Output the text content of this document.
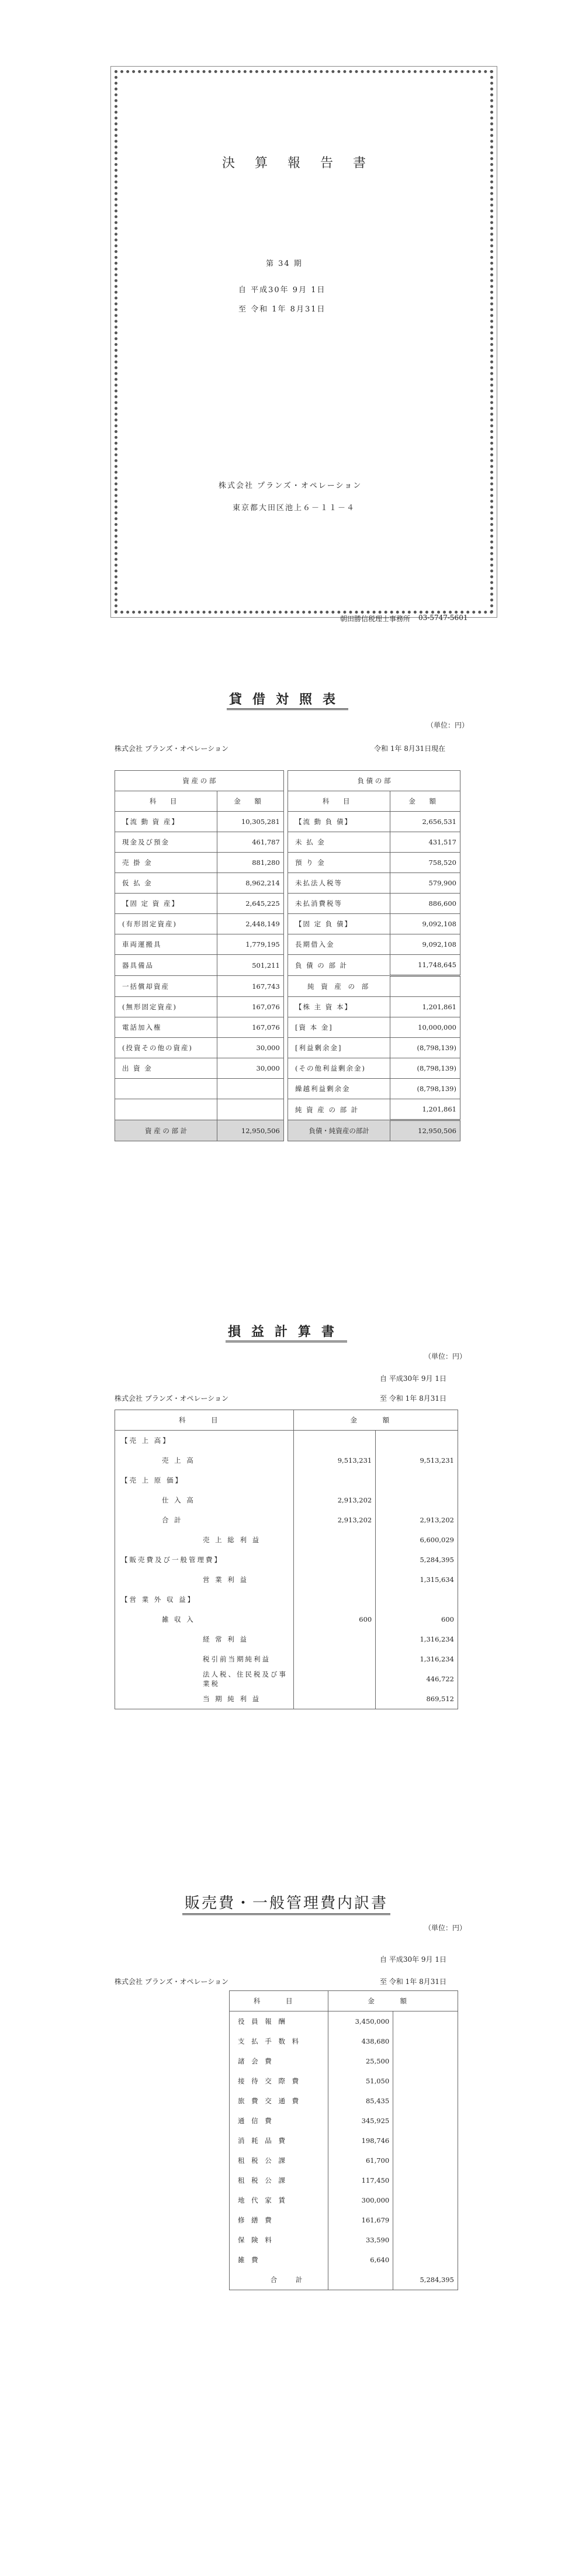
決算報告書
第 34 期
自 平成30年 9月 1日
至 令和 1年 8月31日
株式会社 プランズ・オペレーション
東京都大田区池上６－１１－４
朝田勝信税理士事務所 03-5747-5601
貸借対照表
（単位：円）
株式会社 プランズ・オペレーション	令和 1年 8月31日現在
資 産 の 部			負 債 の 部	
科 目	金 額		科 目	金 額
【流 動 資 産】	10,305,281		【流 動 負 債】	2,656,531
現金及び預金	461,787		未 払 金	431,517
売 掛 金	881,280		預 り 金	758,520
仮 払 金	8,962,214		未払法人税等	579,900
【固 定 資 産】	2,645,225		未払消費税等	886,600
(有形固定資産)	2,448,149		【固 定 負 債】	9,092,108
車両運搬具	1,779,195		長期借入金	9,092,108
器具備品	501,211		負 債 の 部 計	11,748,645
一括償却資産	167,743		純 資 産 の 部	
(無形固定資産)	167,076		【株 主 資 本】	1,201,861
電話加入権	167,076		[資 本 金]	10,000,000
(投資その他の資産)	30,000		[利益剰余金]	(8,798,139)
出 資 金	30,000		(その他利益剰余金)	(8,798,139)
			繰越利益剰余金	(8,798,139)
			純 資 産 の 部 計	1,201,861
資 産 の 部 計	12,950,506		負債・純資産の部計	12,950,506
損益計算書
（単位：円）
自 平成30年 9月 1日
株式会社 プランズ・オペレーション	至 令和 1年 8月31日
科 目	金 額	
【売 上 高】		
売 上 高	9,513,231	9,513,231
【売 上 原 価】		
仕 入 高	2,913,202	
合 計	2,913,202	2,913,202
売 上 総 利 益		6,600,029
【販売費及び一般管理費】		5,284,395
営 業 利 益		1,315,634
【営 業 外 収 益】		
雑 収 入	600	600
経 常 利 益		1,316,234
税引前当期純利益		1,316,234
法人税、住民税及び事業税		446,722
当 期 純 利 益		869,512
販売費・一般管理費内訳書
（単位：円）
自 平成30年 9月 1日
株式会社 プランズ・オペレーション	至 令和 1年 8月31日
科 目	金 額	
役 員 報 酬	3,450,000	
支 払 手 数 料	438,680	
諸 会 費	25,500	
接 待 交 際 費	51,050	
旅 費 交 通 費	85,435	
通 信 費	345,925	
消 耗 品 費	198,746	
租 税 公 課	61,700	
租 税 公 課	117,450	
地 代 家 賃	300,000	
修 繕 費	161,679	
保 険 料	33,590	
雑 費	6,640	
合 計		5,284,395
